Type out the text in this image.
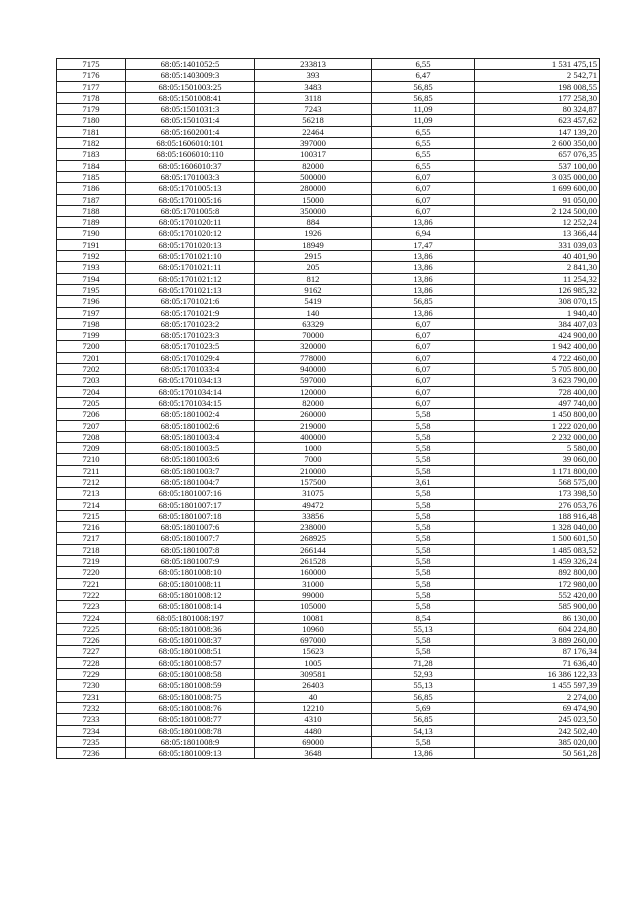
7175	68:05:1401052:5	233813	6,55	1 531 475,15
7176	68:05:1403009:3	393	6,47	2 542,71
7177	68:05:1501003:25	3483	56,85	198 008,55
7178	68:05:1501008:41	3118	56,85	177 258,30
7179	68:05:1501031:3	7243	11,09	80 324,87
7180	68:05:1501031:4	56218	11,09	623 457,62
7181	68:05:1602001:4	22464	6,55	147 139,20
7182	68:05:1606010:101	397000	6,55	2 600 350,00
7183	68:05:1606010:110	100317	6,55	657 076,35
7184	68:05:1606010:37	82000	6,55	537 100,00
7185	68:05:1701003:3	500000	6,07	3 035 000,00
7186	68:05:1701005:13	280000	6,07	1 699 600,00
7187	68:05:1701005:16	15000	6,07	91 050,00
7188	68:05:1701005:8	350000	6,07	2 124 500,00
7189	68:05:1701020:11	884	13,86	12 252,24
7190	68:05:1701020:12	1926	6,94	13 366,44
7191	68:05:1701020:13	18949	17,47	331 039,03
7192	68:05:1701021:10	2915	13,86	40 401,90
7193	68:05:1701021:11	205	13,86	2 841,30
7194	68:05:1701021:12	812	13,86	11 254,32
7195	68:05:1701021:13	9162	13,86	126 985,32
7196	68:05:1701021:6	5419	56,85	308 070,15
7197	68:05:1701021:9	140	13,86	1 940,40
7198	68:05:1701023:2	63329	6,07	384 407,03
7199	68:05:1701023:3	70000	6,07	424 900,00
7200	68:05:1701023:5	320000	6,07	1 942 400,00
7201	68:05:1701029:4	778000	6,07	4 722 460,00
7202	68:05:1701033:4	940000	6,07	5 705 800,00
7203	68:05:1701034:13	597000	6,07	3 623 790,00
7204	68:05:1701034:14	120000	6,07	728 400,00
7205	68:05:1701034:15	82000	6,07	497 740,00
7206	68:05:1801002:4	260000	5,58	1 450 800,00
7207	68:05:1801002:6	219000	5,58	1 222 020,00
7208	68:05:1801003:4	400000	5,58	2 232 000,00
7209	68:05:1801003:5	1000	5,58	5 580,00
7210	68:05:1801003:6	7000	5,58	39 060,00
7211	68:05:1801003:7	210000	5,58	1 171 800,00
7212	68:05:1801004:7	157500	3,61	568 575,00
7213	68:05:1801007:16	31075	5,58	173 398,50
7214	68:05:1801007:17	49472	5,58	276 053,76
7215	68:05:1801007:18	33856	5,58	188 916,48
7216	68:05:1801007:6	238000	5,58	1 328 040,00
7217	68:05:1801007:7	268925	5,58	1 500 601,50
7218	68:05:1801007:8	266144	5,58	1 485 083,52
7219	68:05:1801007:9	261528	5,58	1 459 326,24
7220	68:05:1801008:10	160000	5,58	892 800,00
7221	68:05:1801008:11	31000	5,58	172 980,00
7222	68:05:1801008:12	99000	5,58	552 420,00
7223	68:05:1801008:14	105000	5,58	585 900,00
7224	68:05:1801008:197	10081	8,54	86 130,00
7225	68:05:1801008:36	10960	55,13	604 224,80
7226	68:05:1801008:37	697000	5,58	3 889 260,00
7227	68:05:1801008:51	15623	5,58	87 176,34
7228	68:05:1801008:57	1005	71,28	71 636,40
7229	68:05:1801008:58	309581	52,93	16 386 122,33
7230	68:05:1801008:59	26403	55,13	1 455 597,39
7231	68:05:1801008:75	40	56,85	2 274,00
7232	68:05:1801008:76	12210	5,69	69 474,90
7233	68:05:1801008:77	4310	56,85	245 023,50
7234	68:05:1801008:78	4480	54,13	242 502,40
7235	68:05:1801008:9	69000	5,58	385 020,00
7236	68:05:1801009:13	3648	13,86	50 561,28
